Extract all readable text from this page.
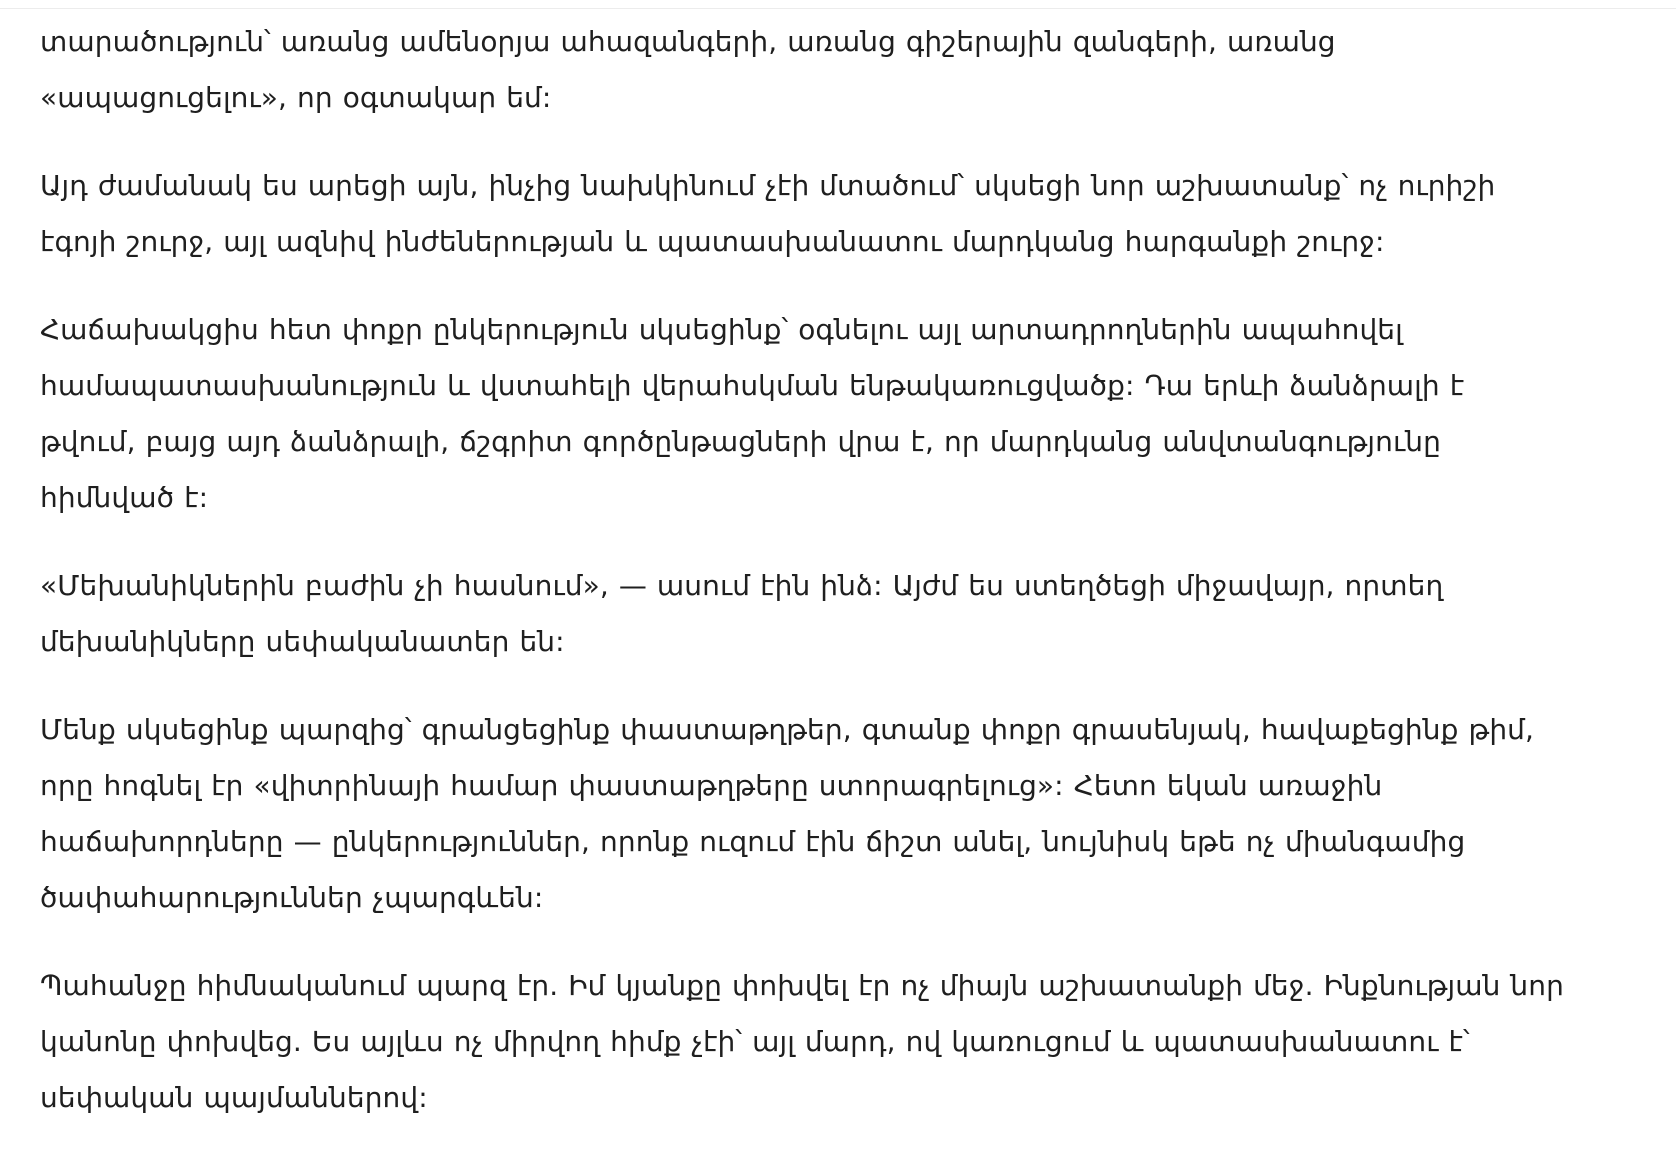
տարածություն՝ առանց ամենօրյա ահազանգերի, առանց գիշերային զանգերի, առանց
«ապացուցելու», որ օգտակար եմ:

Այդ ժամանակ ես արեցի այն, ինչից նախկինում չէի մտածում՝ սկսեցի նոր աշխատանք՝ ոչ ուրիշի
էգոյի շուրջ, այլ ազնիվ ինժեներության և պատասխանատու մարդկանց հարգանքի շուրջ:

Հաճախակցիս հետ փոքր ընկերություն սկսեցինք՝ օգնելու այլ արտադրողներին ապահովել
համապատասխանություն և վստահելի վերահսկման ենթակառուցվածք: Դա երևի ձանձրալի է
թվում, բայց այդ ձանձրալի, ճշգրիտ գործընթացների վրա է, որ մարդկանց անվտանգությունը
հիմնված է:

«Մեխանիկներին բաժին չի հասնում», — ասում էին ինձ: Այժմ ես ստեղծեցի միջավայր, որտեղ
մեխանիկները սեփականատեր են:

Մենք սկսեցինք պարզից՝ գրանցեցինք փաստաթղթեր, գտանք փոքր գրասենյակ, հավաքեցինք թիմ,
որը հոգնել էր «վիտրինայի համար փաստաթղթերը ստորագրելուց»: Հետո եկան առաջին
հաճախորդները — ընկերություններ, որոնք ուզում էին ճիշտ անել, նույնիսկ եթե ոչ միանգամից
ծափահարություններ չպարգևեն:

Պահանջը հիմնականում պարզ էր. Իմ կյանքը փոխվել էր ոչ միայն աշխատանքի մեջ. Ինքնության նոր
կանոնը փոխվեց. Ես այլևս ոչ միրվող հիմք չէի՝ այլ մարդ, ով կառուցում և պատասխանատու է՝
սեփական պայմաններով:
